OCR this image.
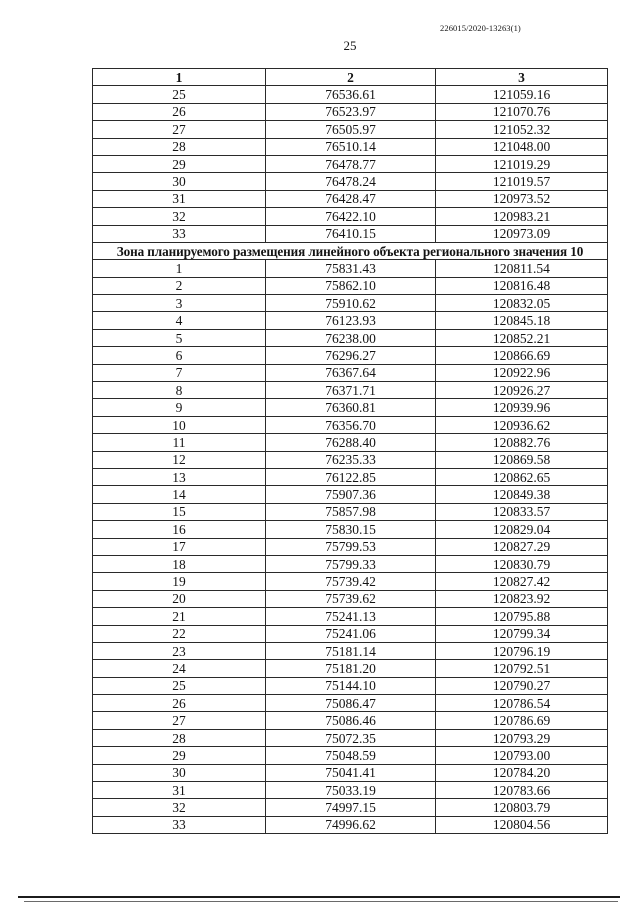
226015/2020-13263(1)
25
1	2	3
25	76536.61	121059.16
26	76523.97	121070.76
27	76505.97	121052.32
28	76510.14	121048.00
29	76478.77	121019.29
30	76478.24	121019.57
31	76428.47	120973.52
32	76422.10	120983.21
33	76410.15	120973.09
Зона планируемого размещения линейного объекта регионального значения 10		
1	75831.43	120811.54
2	75862.10	120816.48
3	75910.62	120832.05
4	76123.93	120845.18
5	76238.00	120852.21
6	76296.27	120866.69
7	76367.64	120922.96
8	76371.71	120926.27
9	76360.81	120939.96
10	76356.70	120936.62
11	76288.40	120882.76
12	76235.33	120869.58
13	76122.85	120862.65
14	75907.36	120849.38
15	75857.98	120833.57
16	75830.15	120829.04
17	75799.53	120827.29
18	75799.33	120830.79
19	75739.42	120827.42
20	75739.62	120823.92
21	75241.13	120795.88
22	75241.06	120799.34
23	75181.14	120796.19
24	75181.20	120792.51
25	75144.10	120790.27
26	75086.47	120786.54
27	75086.46	120786.69
28	75072.35	120793.29
29	75048.59	120793.00
30	75041.41	120784.20
31	75033.19	120783.66
32	74997.15	120803.79
33	74996.62	120804.56
